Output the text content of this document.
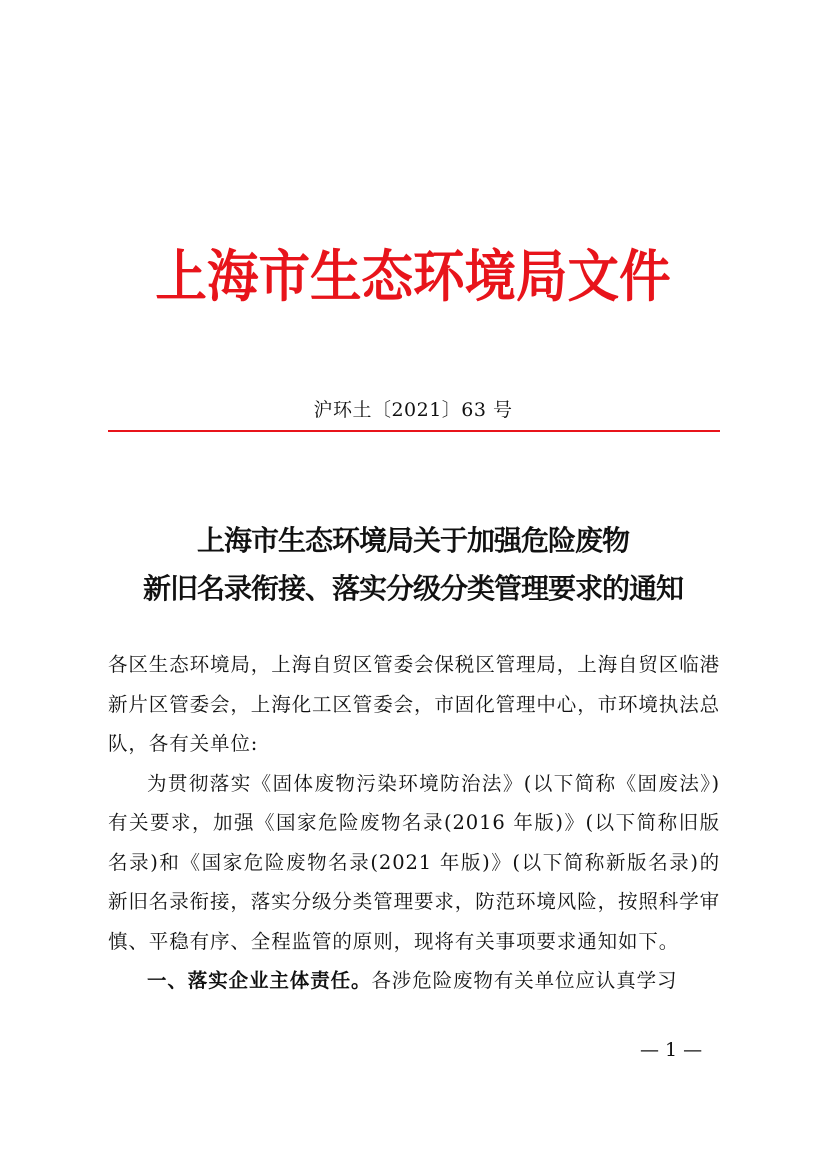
上海市生态环境局文件
沪环土〔2021〕63 号
上海市生态环境局关于加强危险废物
新旧名录衔接、落实分级分类管理要求的通知

各区生态环境局，上海自贸区管委会保税区管理局，上海自贸区临港新片区管委会，上海化工区管委会，市固化管理中心，市环境执法总队，各有关单位:

为贯彻落实《固体废物污染环境防治法》(以下简称《固废法》)有关要求，加强《国家危险废物名录(2016 年版)》(以下简称旧版名录)和《国家危险废物名录(2021 年版)》(以下简称新版名录)的新旧名录衔接，落实分级分类管理要求，防范环境风险，按照科学审慎、平稳有序、全程监管的原则，现将有关事项要求通知如下。

一、落实企业主体责任。各涉危险废物有关单位应认真学习

— 1 —
